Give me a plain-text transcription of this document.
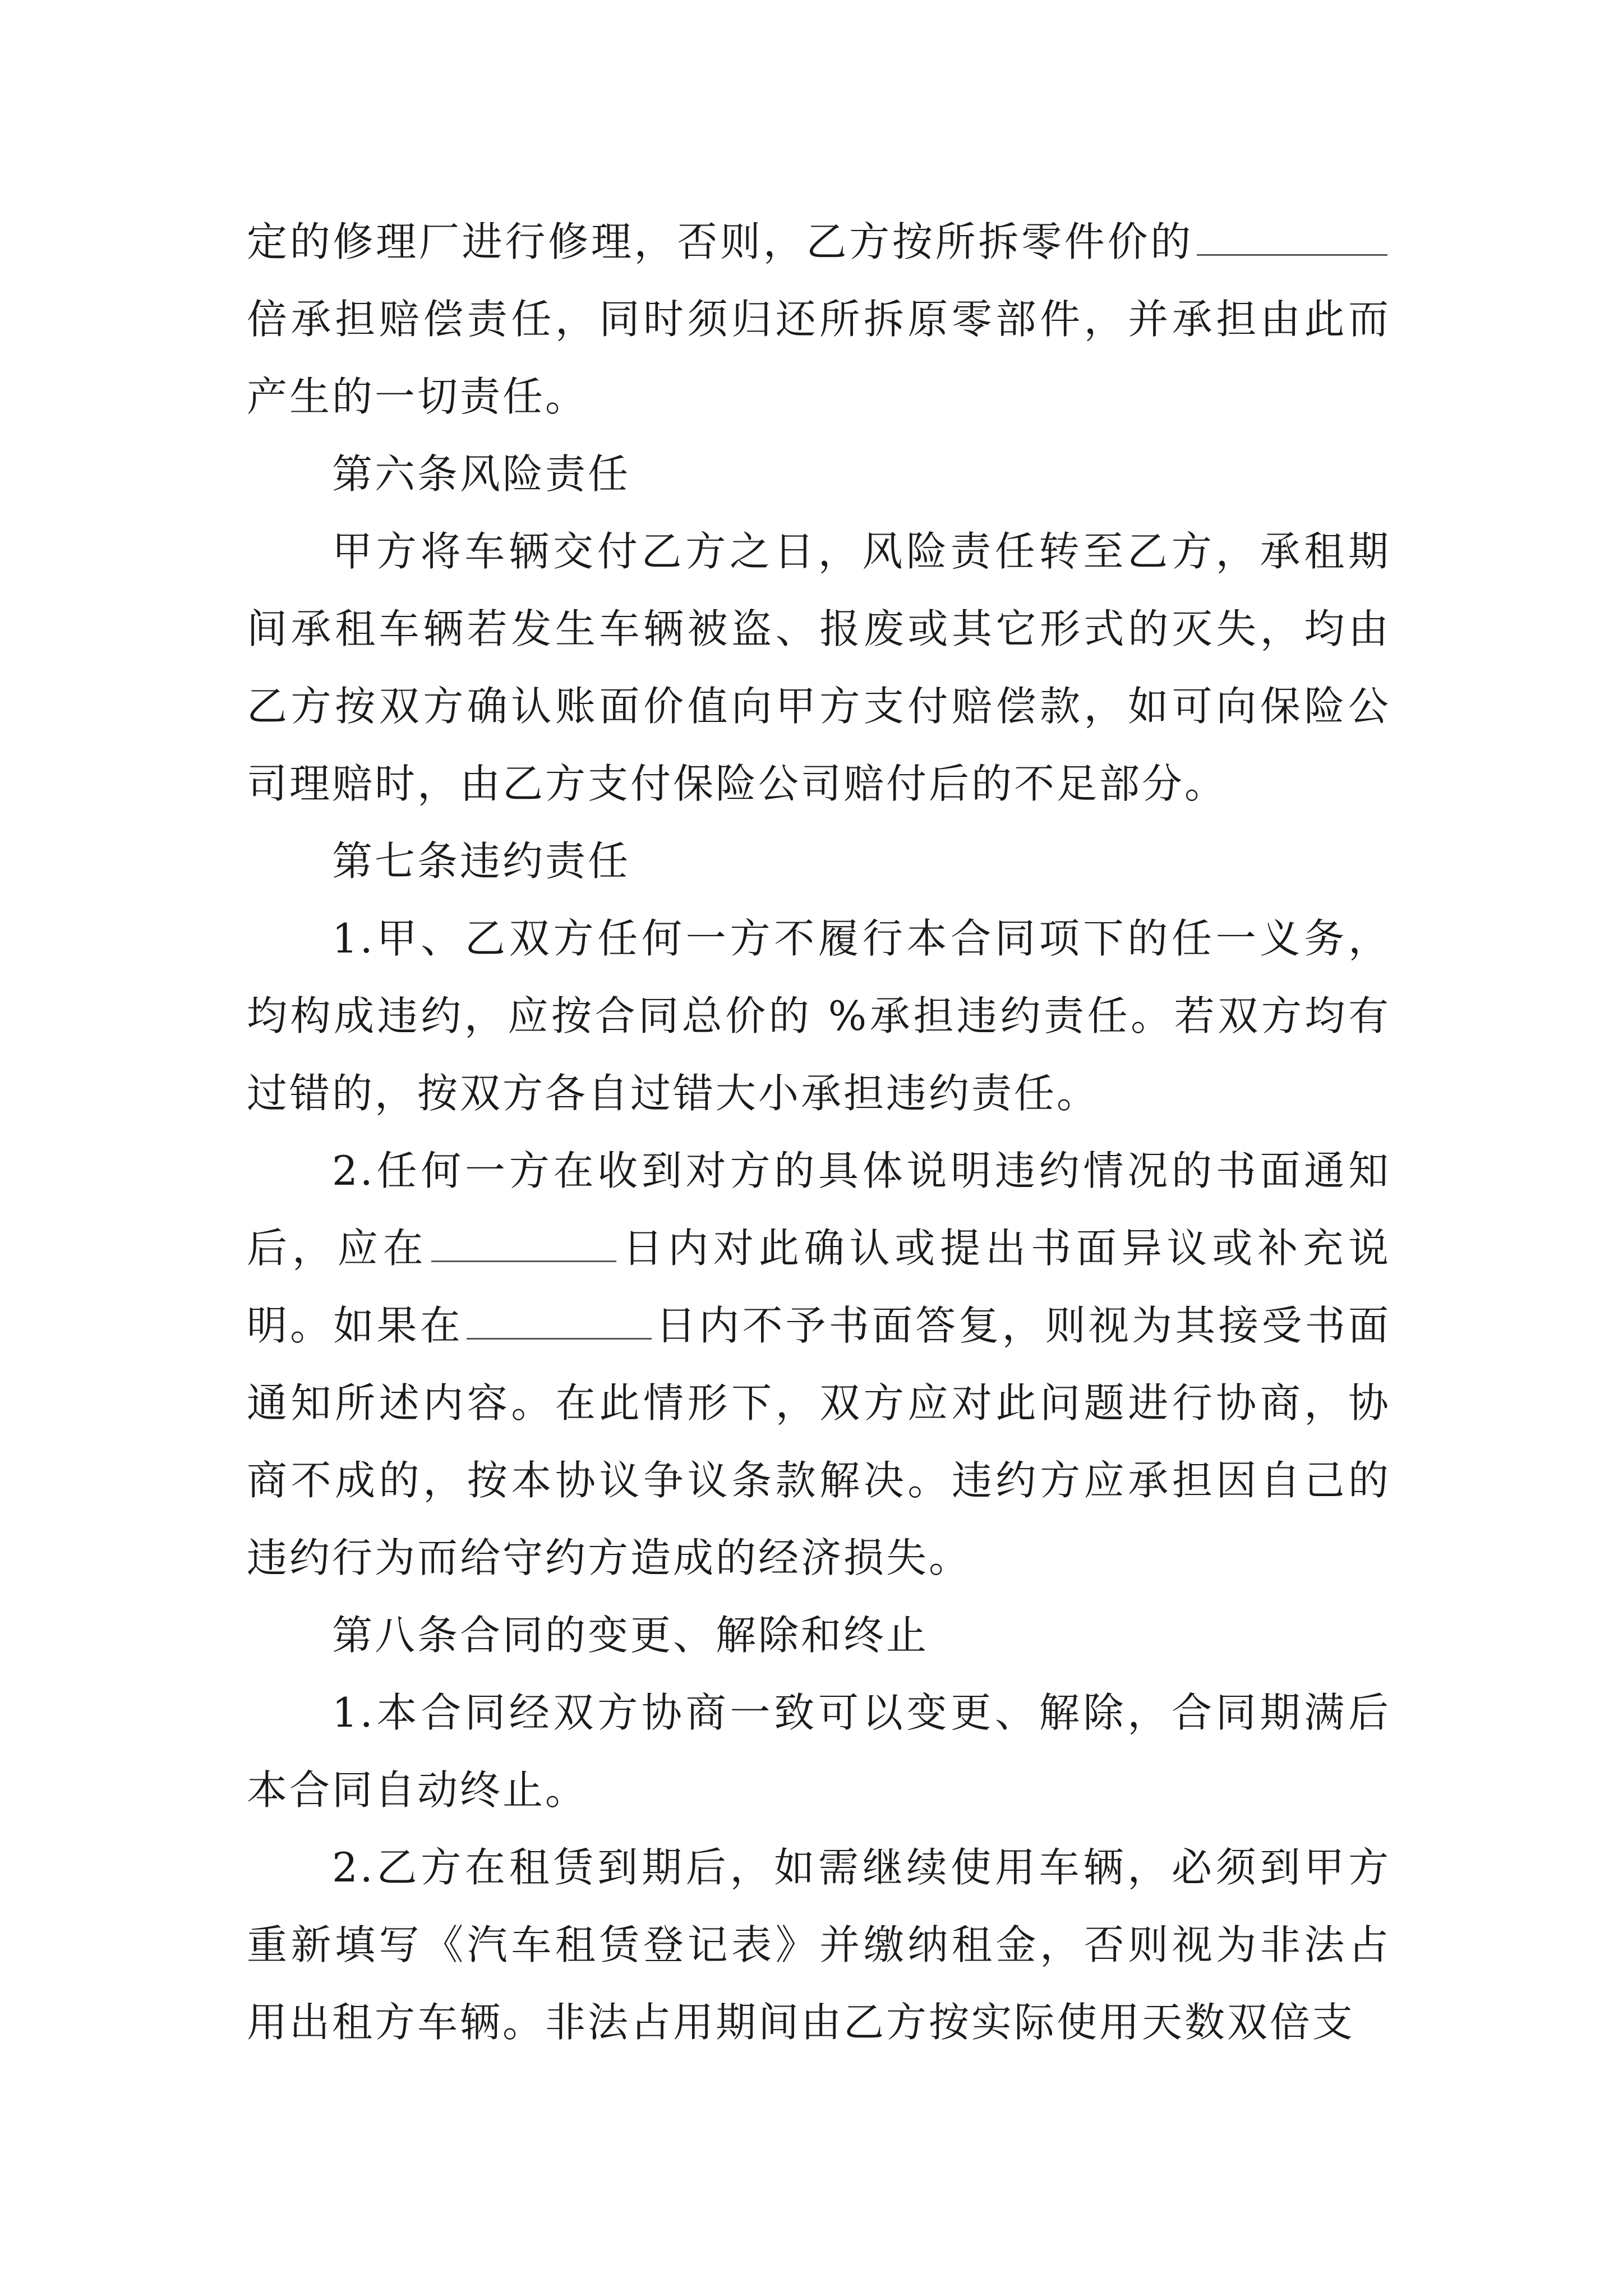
定的修理厂进行修理，否则，乙方按所拆零件价的倍承担赔偿责任，同时须归还所拆原零部件，并承担由此而产生的一切责任。

第六条风险责任

甲方将车辆交付乙方之日，风险责任转至乙方，承租期间承租车辆若发生车辆被盗、报废或其它形式的灭失，均由乙方按双方确认账面价值向甲方支付赔偿款，如可向保险公司理赔时，由乙方支付保险公司赔付后的不足部分。

第七条违约责任

1.甲、乙双方任何一方不履行本合同项下的任一义务，均构成违约，应按合同总价的 %承担违约责任。若双方均有过错的，按双方各自过错大小承担违约责任。

2.任何一方在收到对方的具体说明违约情况的书面通知后，应在	日内对此确认或提出书面异议或补充说明。如果在	日内不予书面答复，则视为其接受书面通知所述内容。在此情形下，双方应对此问题进行协商，协商不成的，按本协议争议条款解决。违约方应承担因自己的违约行为而给守约方造成的经济损失。

第八条合同的变更、解除和终止

1.本合同经双方协商一致可以变更、解除，合同期满后本合同自动终止。

2.乙方在租赁到期后，如需继续使用车辆，必须到甲方重新填写《汽车租赁登记表》并缴纳租金，否则视为非法占用出租方车辆。非法占用期间由乙方按实际使用天数双倍支
